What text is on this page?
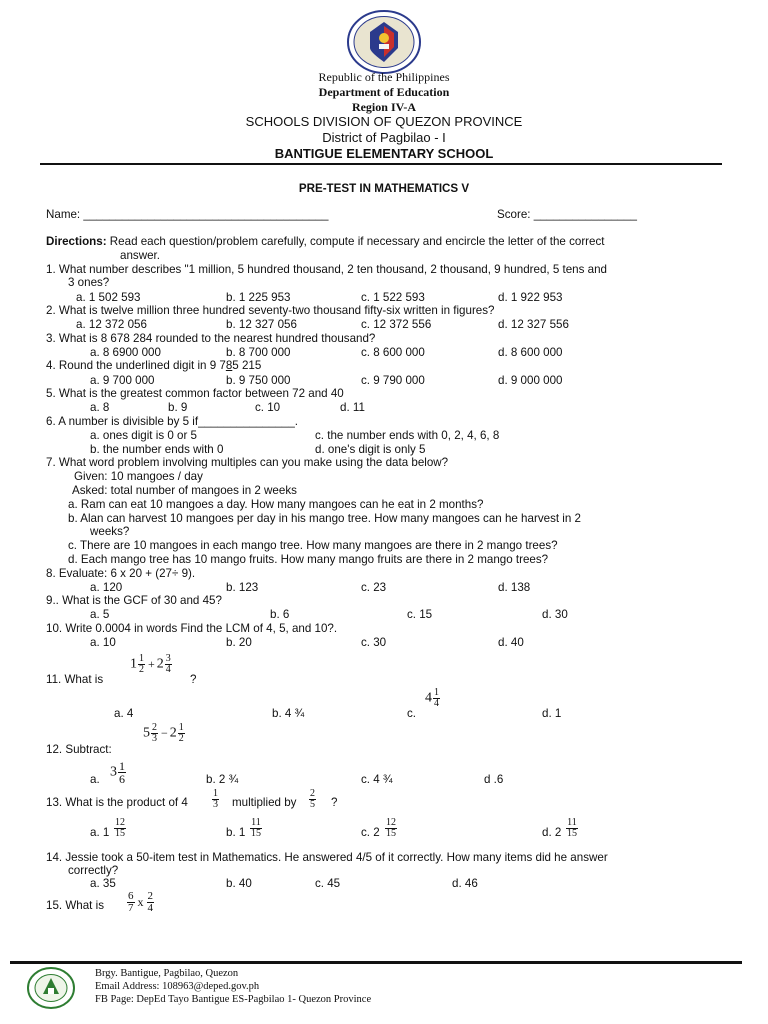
Republic of the Philippines
Department of Education
Region IV-A
SCHOOLS DIVISION OF QUEZON PROVINCE
District of Pagbilao - I
BANTIGUE ELEMENTARY SCHOOL
PRE-TEST IN MATHEMATICS V
Name: ______________________________________	Score: ________________
Directions: Read each question/problem carefully, compute if necessary and encircle the letter of the correct
answer.
1. What number describes "1 million, 5 hundred thousand, 2 ten thousand, 2 thousand, 9 hundred, 5 tens and
3 ones?
a. 1 502 593	b. 1 225 953	c. 1 522 593	d. 1 922 953
2. What is twelve million three hundred seventy-two thousand fifty-six written in figures?
a. 12 372 056	b. 12 327 056	c. 12 372 556	d. 12 327 556
3. What is 8 678 284 rounded to the nearest hundred thousand?
a. 8 6900 000	b. 8 700 000	c. 8 600 000	d. 8 600 000
4. Round the underlined digit in 9 785 215
a. 9 700 000	b. 9 750 000	c. 9 790 000	d. 9 000 000
5. What is the greatest common factor between 72 and 40
a. 8	b. 9	c. 10	d. 11
6. A number is divisible by 5 if_______________.
a. ones digit is 0 or 5	c. the number ends with 0, 2, 4, 6, 8
b. the number ends with 0	d. one's digit is only 5
7. What word problem involving multiples can you make using the data below?
Given: 10 mangoes / day
Asked: total number of mangoes in 2 weeks
a. Ram can eat 10 mangoes a day. How many mangoes can he eat in 2 months?
b. Alan can harvest 10 mangoes per day in his mango tree. How many mangoes can he harvest in 2
weeks?
c. There are 10 mangoes in each mango tree. How many mangoes are there in 2 mango trees?
d. Each mango tree has 10 mango fruits. How many mango fruits are there in 2 mango trees?
8. Evaluate: 6 x 20 + (27÷ 9).
a. 120	b. 123	c. 23	d. 138
9.. What is the GCF of 30 and 45?
a. 5	b. 6	c. 15	d. 30
10. Write 0.0004 in words Find the LCM of 4, 5, and 10?.
a. 10	b. 20	c. 30	d. 40
11. What is
$1 \frac{1}{2} + 2 \frac{3}{4}$
?
a. 4	b. 4 ¾	c.
$4 \frac{1}{4}$
d. 1
$5 \frac{2}{3} - 2 \frac{1}{2}$
12. Subtract:
a. $3 \frac{1}{6}$	b. 2 ¾	c. 4 ¾	d .6
13. What is the product of $4 \frac{1}{3}$ multiplied by $\frac{2}{5}$ ?
a. $1 \frac{12}{15}$	b. $1 \frac{11}{15}$	c. $2 \frac{12}{15}$	d. $2 \frac{11}{15}$
14. Jessie took a 50-item test in Mathematics. He answered 4/5 of it correctly. How many items did he answer
correctly?
a. 35	b. 40	c. 45	d. 46
15. What is $\frac{6}{7}$ x $\frac{2}{4}$
Brgy. Bantigue, Pagbilao, Quezon
Email Address: 108963@deped.gov.ph
FB Page: DepEd Tayo Bantigue ES-Pagbilao 1- Quezon Province
